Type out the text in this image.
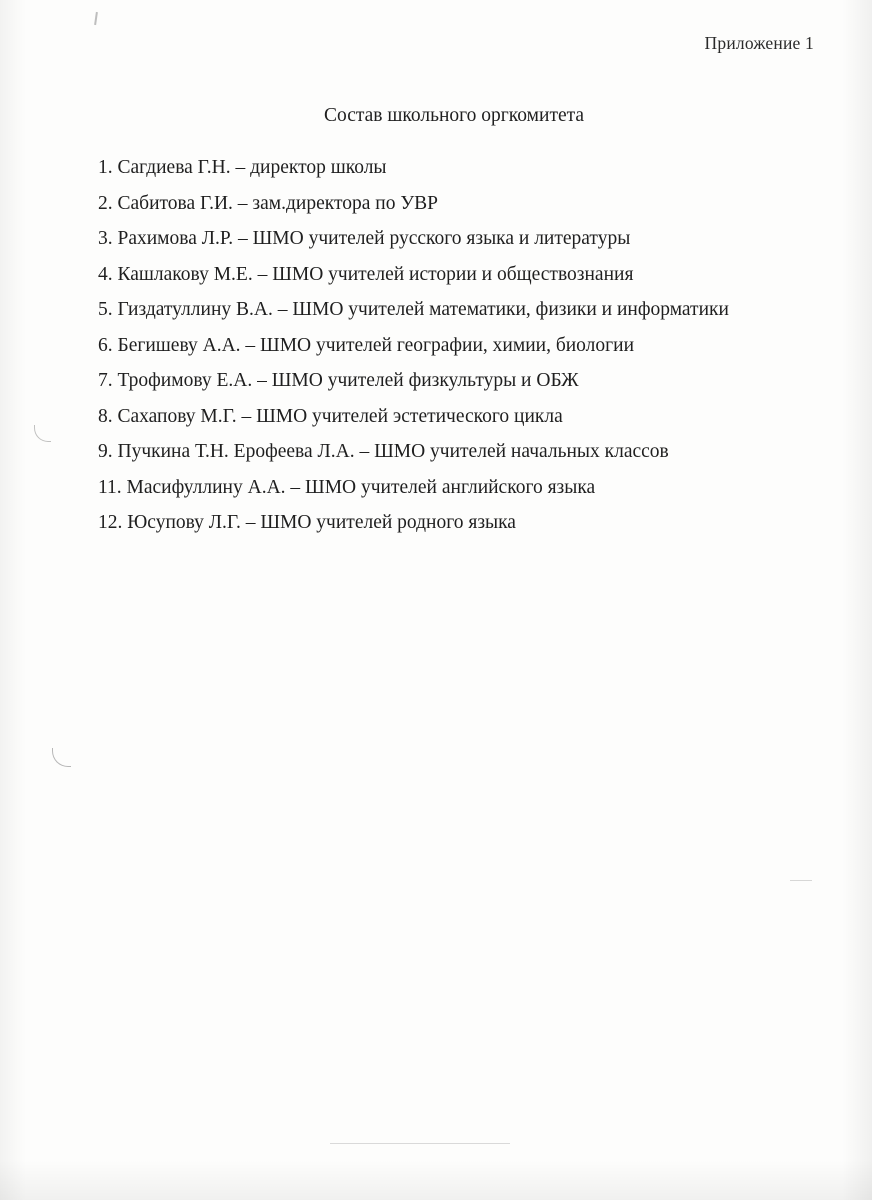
Приложение 1
Состав школьного оргкомитета
1. Сагдиева Г.Н. – директор школы
2. Сабитова Г.И. – зам.директора по УВР
3. Рахимова Л.Р. – ШМО учителей русского языка и литературы
4. Кашлакову М.Е. – ШМО учителей истории и обществознания
5. Гиздатуллину В.А. – ШМО учителей математики, физики и информатики
6. Бегишеву А.А. – ШМО учителей географии, химии, биологии
7. Трофимову Е.А. – ШМО учителей физкультуры и ОБЖ
8. Сахапову М.Г. – ШМО учителей эстетического цикла
9. Пучкина Т.Н. Ерофеева Л.А. – ШМО учителей начальных классов
11. Масифуллину А.А. – ШМО учителей английского языка
12. Юсупову Л.Г. – ШМО учителей родного языка
